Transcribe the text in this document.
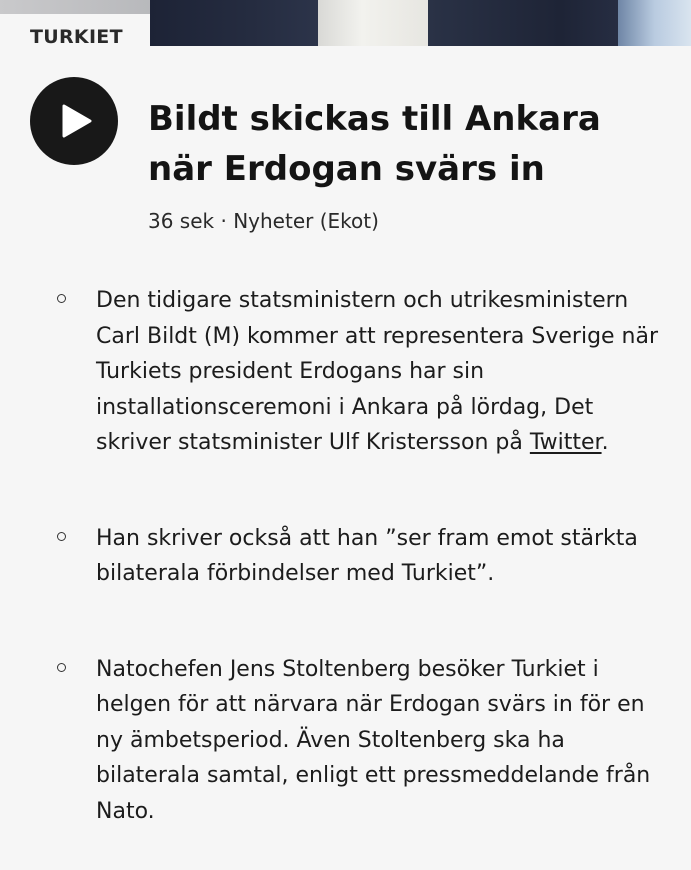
TURKIET
Bildt skickas till Ankara när Erdogan svärs in
36 sek · Nyheter (Ekot)
Den tidigare statsministern och utrikesministern Carl Bildt (M) kommer att representera Sverige när Turkiets president Erdogans har sin installationsceremoni i Ankara på lördag, Det skriver statsminister Ulf Kristersson på Twitter.
Han skriver också att han ”ser fram emot stärkta bilaterala förbindelser med Turkiet”.
Natochefen Jens Stoltenberg besöker Turkiet i helgen för att närvara när Erdogan svärs in för en ny ämbetsperiod. Även Stoltenberg ska ha bilaterala samtal, enligt ett pressmeddelande från Nato.
